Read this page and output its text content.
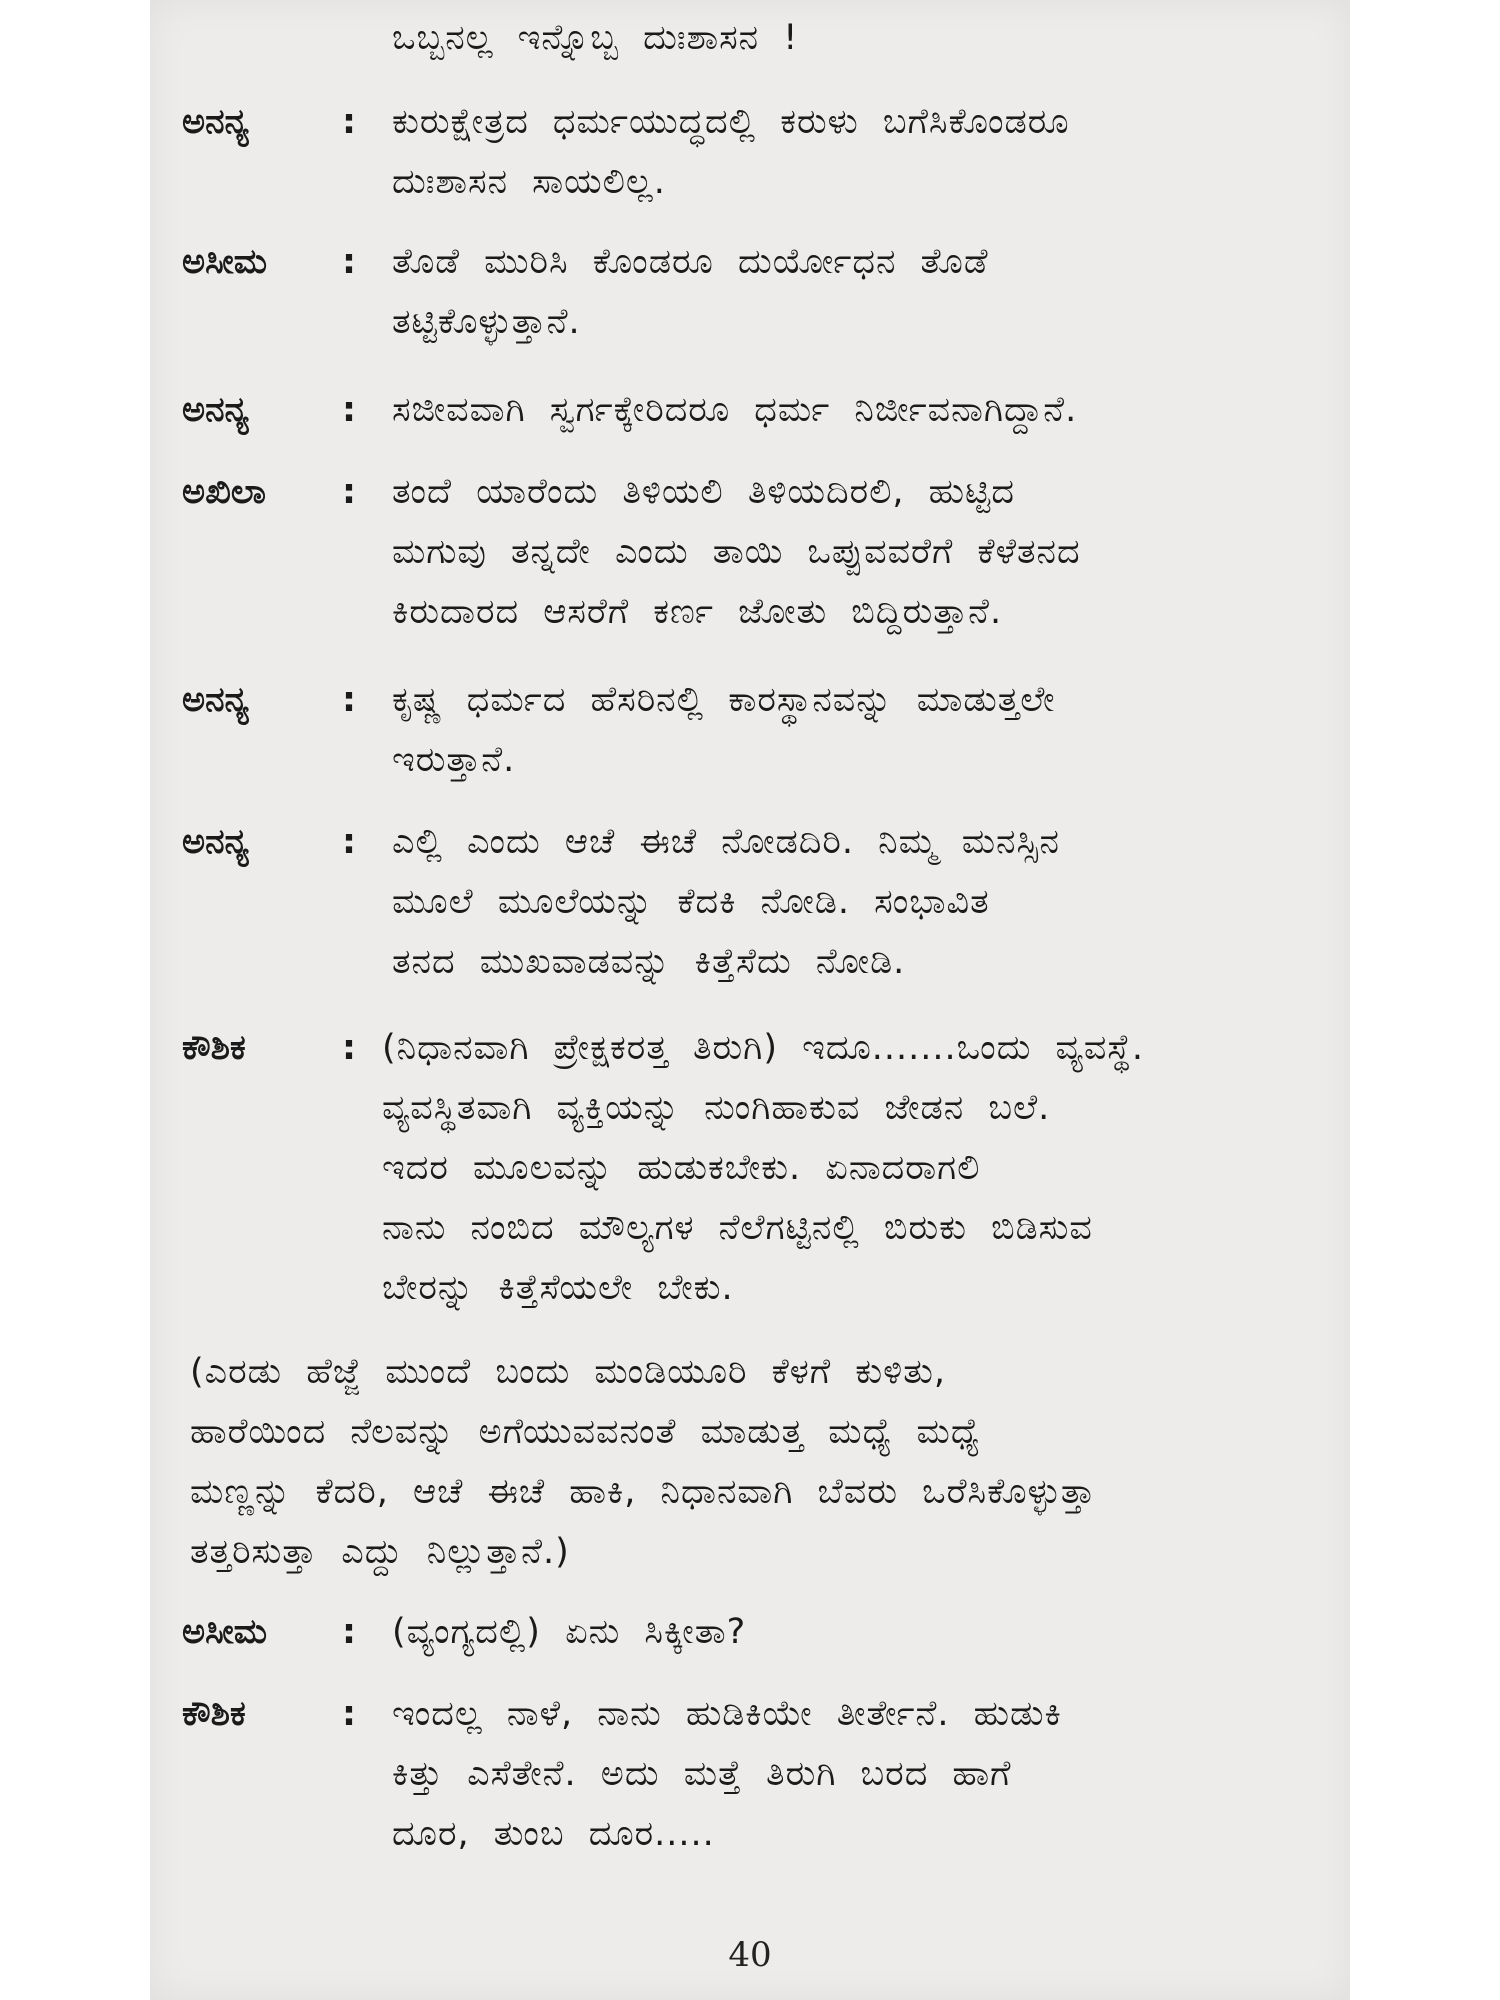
ಒಬ್ಬನಲ್ಲ ಇನ್ನೊಬ್ಬ ದುಃಶಾಸನ !
ಅನನ್ಯ	: ಕುರುಕ್ಷೇತ್ರದ ಧರ್ಮಯುದ್ಧದಲ್ಲಿ ಕರುಳು ಬಗೆಸಿಕೊಂಡರೂ
ದುಃಶಾಸನ ಸಾಯಲಿಲ್ಲ.
ಅಸೀಮ	: ತೊಡೆ ಮುರಿಸಿ ಕೊಂಡರೂ ದುರ್ಯೋಧನ ತೊಡೆ
ತಟ್ಟಿಕೊಳ್ಳುತ್ತಾನೆ.
ಅನನ್ಯ	: ಸಜೀವವಾಗಿ ಸ್ವರ್ಗಕ್ಕೇರಿದರೂ ಧರ್ಮ ನಿರ್ಜೀವನಾಗಿದ್ದಾನೆ.
ಅಖಿಲಾ	: ತಂದೆ ಯಾರೆಂದು ತಿಳಿಯಲಿ ತಿಳಿಯದಿರಲಿ, ಹುಟ್ಟಿದ
ಮಗುವು ತನ್ನದೇ ಎಂದು ತಾಯಿ ಒಪ್ಪುವವರೆಗೆ ಕೆಳೆತನದ
ಕಿರುದಾರದ ಆಸರೆಗೆ ಕರ್ಣ ಜೋತು ಬಿದ್ದಿರುತ್ತಾನೆ.
ಅನನ್ಯ	: ಕೃಷ್ಣ ಧರ್ಮದ ಹೆಸರಿನಲ್ಲಿ ಕಾರಸ್ಥಾನವನ್ನು ಮಾಡುತ್ತಲೇ
ಇರುತ್ತಾನೆ.
ಅನನ್ಯ	: ಎಲ್ಲಿ ಎಂದು ಆಚೆ ಈಚೆ ನೋಡದಿರಿ. ನಿಮ್ಮ ಮನಸ್ಸಿನ
ಮೂಲೆ ಮೂಲೆಯನ್ನು ಕೆದಕಿ ನೋಡಿ. ಸಂಭಾವಿತ
ತನದ ಮುಖವಾಡವನ್ನು ಕಿತ್ತೆಸೆದು ನೋಡಿ.
ಕೌಶಿಕ	: (ನಿಧಾನವಾಗಿ ಪ್ರೇಕ್ಷಕರತ್ತ ತಿರುಗಿ) ಇದೂ.......ಒಂದು ವ್ಯವಸ್ಥೆ.
ವ್ಯವಸ್ಥಿತವಾಗಿ ವ್ಯಕ್ತಿಯನ್ನು ನುಂಗಿಹಾಕುವ ಜೇಡನ ಬಲೆ.
ಇದರ ಮೂಲವನ್ನು ಹುಡುಕಬೇಕು. ಏನಾದರಾಗಲಿ
ನಾನು ನಂಬಿದ ಮೌಲ್ಯಗಳ ನೆಲೆಗಟ್ಟಿನಲ್ಲಿ ಬಿರುಕು ಬಿಡಿಸುವ
ಬೇರನ್ನು ಕಿತ್ತೆಸೆಯಲೇ ಬೇಕು.
(ಎರಡು ಹೆಜ್ಜೆ ಮುಂದೆ ಬಂದು ಮಂಡಿಯೂರಿ ಕೆಳಗೆ ಕುಳಿತು,
ಹಾರೆಯಿಂದ ನೆಲವನ್ನು ಅಗೆಯುವವನಂತೆ ಮಾಡುತ್ತ ಮಧ್ಯೆ ಮಧ್ಯೆ
ಮಣ್ಣನ್ನು ಕೆದರಿ, ಆಚೆ ಈಚೆ ಹಾಕಿ, ನಿಧಾನವಾಗಿ ಬೆವರು ಒರೆಸಿಕೊಳ್ಳುತ್ತಾ
ತತ್ತರಿಸುತ್ತಾ ಎದ್ದು ನಿಲ್ಲುತ್ತಾನೆ.)
ಅಸೀಮ	: (ವ್ಯಂಗ್ಯದಲ್ಲಿ) ಏನು ಸಿಕ್ಕೀತಾ?
ಕೌಶಿಕ	: ಇಂದಲ್ಲ ನಾಳೆ, ನಾನು ಹುಡಿಕಿಯೇ ತೀರ್ತೇನೆ. ಹುಡುಕಿ
ಕಿತ್ತು ಎಸೆತೇನೆ. ಅದು ಮತ್ತೆ ತಿರುಗಿ ಬರದ ಹಾಗೆ
ದೂರ, ತುಂಬ ದೂರ.....
40
